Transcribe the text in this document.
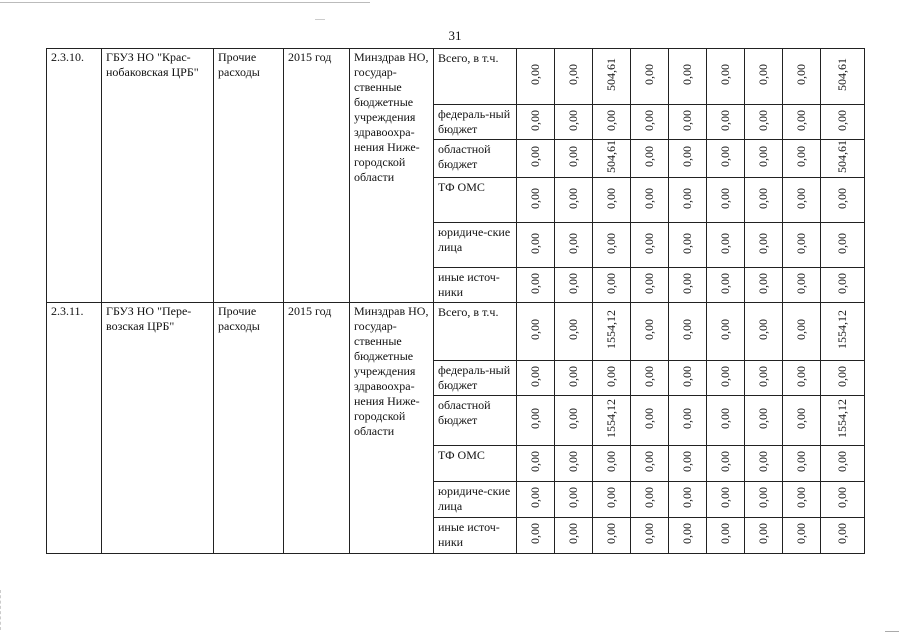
31
2.3.10.	ГБУЗ НО "Крас-нобаковская ЦРБ"	Прочие расходы	2015 год	Минздрав НО, государ-ственные бюджетные учреждения здравоохра-нения Ниже-городской области	Всего, в т.ч.	0,00	0,00	504,61	0,00	0,00	0,00	0,00	0,00	504,61
					федераль-ный бюджет	0,00	0,00	0,00	0,00	0,00	0,00	0,00	0,00	0,00
					областной бюджет	0,00	0,00	504,61	0,00	0,00	0,00	0,00	0,00	504,61
					ТФ ОМС	0,00	0,00	0,00	0,00	0,00	0,00	0,00	0,00	0,00
					юридиче-ские лица	0,00	0,00	0,00	0,00	0,00	0,00	0,00	0,00	0,00
					иные источ-ники	0,00	0,00	0,00	0,00	0,00	0,00	0,00	0,00	0,00
2.3.11.	ГБУЗ НО "Пере-возская ЦРБ"	Прочие расходы	2015 год	Минздрав НО, государ-ственные бюджетные учреждения здравоохра-нения Ниже-городской области	Всего, в т.ч.	0,00	0,00	1554,12	0,00	0,00	0,00	0,00	0,00	1554,12
					федераль-ный бюджет	0,00	0,00	0,00	0,00	0,00	0,00	0,00	0,00	0,00
					областной бюджет	0,00	0,00	1554,12	0,00	0,00	0,00	0,00	0,00	1554,12
					ТФ ОМС	0,00	0,00	0,00	0,00	0,00	0,00	0,00	0,00	0,00
					юридиче-ские лица	0,00	0,00	0,00	0,00	0,00	0,00	0,00	0,00	0,00
					иные источ-ники	0,00	0,00	0,00	0,00	0,00	0,00	0,00	0,00	0,00
